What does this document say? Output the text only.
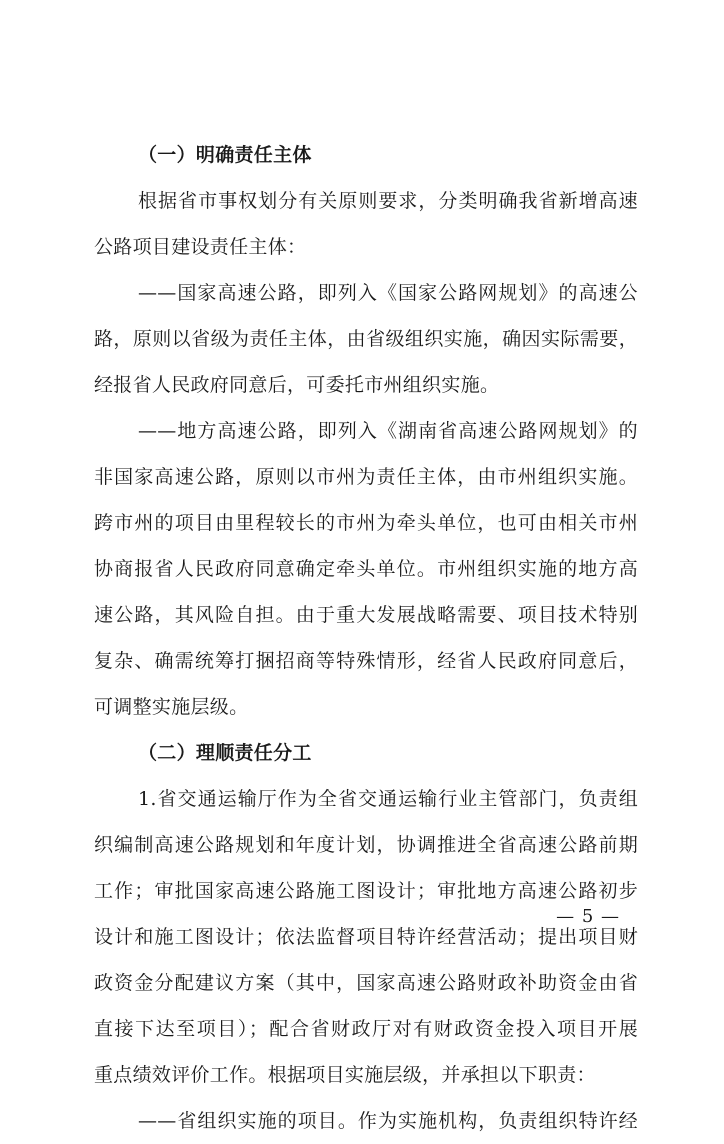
（一）明确责任主体
根据省市事权划分有关原则要求，分类明确我省新增高速
公路项目建设责任主体：
——国家高速公路，即列入《国家公路网规划》的高速公
路，原则以省级为责任主体，由省级组织实施，确因实际需要，
经报省人民政府同意后，可委托市州组织实施。
——地方高速公路，即列入《湖南省高速公路网规划》的
非国家高速公路，原则以市州为责任主体，由市州组织实施。
跨市州的项目由里程较长的市州为牵头单位，也可由相关市州
协商报省人民政府同意确定牵头单位。市州组织实施的地方高
速公路，其风险自担。由于重大发展战略需要、项目技术特别
复杂、确需统筹打捆招商等特殊情形，经省人民政府同意后，
可调整实施层级。
（二）理顺责任分工
1.省交通运输厅作为全省交通运输行业主管部门，负责组
织编制高速公路规划和年度计划，协调推进全省高速公路前期
工作；审批国家高速公路施工图设计；审批地方高速公路初步
设计和施工图设计；依法监督项目特许经营活动；提出项目财
政资金分配建议方案（其中，国家高速公路财政补助资金由省
直接下达至项目）；配合省财政厅对有财政资金投入项目开展
重点绩效评价工作。根据项目实施层级，并承担以下职责：
——省组织实施的项目。作为实施机构，负责组织特许经
— 5 —
